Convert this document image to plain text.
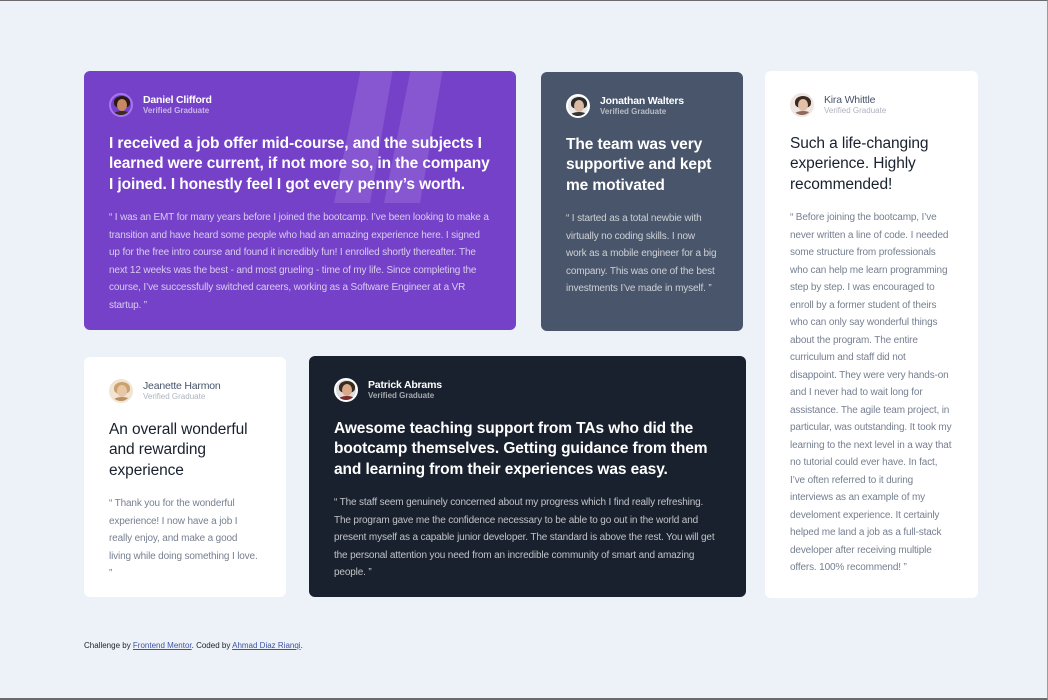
Daniel Clifford
Verified Graduate
I received a job offer mid-course, and the subjects I learned were current, if not more so, in the company I joined. I honestly feel I got every penny’s worth.
“ I was an EMT for many years before I joined the bootcamp. I’ve been looking to make a transition and have heard some people who had an amazing experience here. I signed up for the free intro course and found it incredibly fun! I enrolled shortly thereafter. The next 12 weeks was the best - and most grueling - time of my life. Since completing the course, I’ve successfully switched careers, working as a Software Engineer at a VR startup. ”
Jonathan Walters
Verified Graduate
The team was very supportive and kept me motivated
“ I started as a total newbie with virtually no coding skills. I now work as a mobile engineer for a big company. This was one of the best investments I’ve made in myself. ”
Kira Whittle
Verified Graduate
Such a life-changing experience. Highly recommended!
“ Before joining the bootcamp, I’ve never written a line of code. I needed some structure from professionals who can help me learn programming step by step. I was encouraged to enroll by a former student of theirs who can only say wonderful things about the program. The entire curriculum and staff did not disappoint. They were very hands-on and I never had to wait long for assistance. The agile team project, in particular, was outstanding. It took my learning to the next level in a way that no tutorial could ever have. In fact, I’ve often referred to it during interviews as an example of my develoment experience. It certainly helped me land a job as a full-stack developer after receiving multiple offers. 100% recommend! ”
Jeanette Harmon
Verified Graduate
An overall wonderful and rewarding experience
“ Thank you for the wonderful experience! I now have a job I really enjoy, and make a good living while doing something I love. ”
Patrick Abrams
Verified Graduate
Awesome teaching support from TAs who did the bootcamp themselves. Getting guidance from them and learning from their experiences was easy.
“ The staff seem genuinely concerned about my progress which I find really refreshing. The program gave me the confidence necessary to be able to go out in the world and present myself as a capable junior developer. The standard is above the rest. You will get the personal attention you need from an incredible community of smart and amazing people. ”
Challenge by Frontend Mentor. Coded by Ahmad Diaz Rianqi.
